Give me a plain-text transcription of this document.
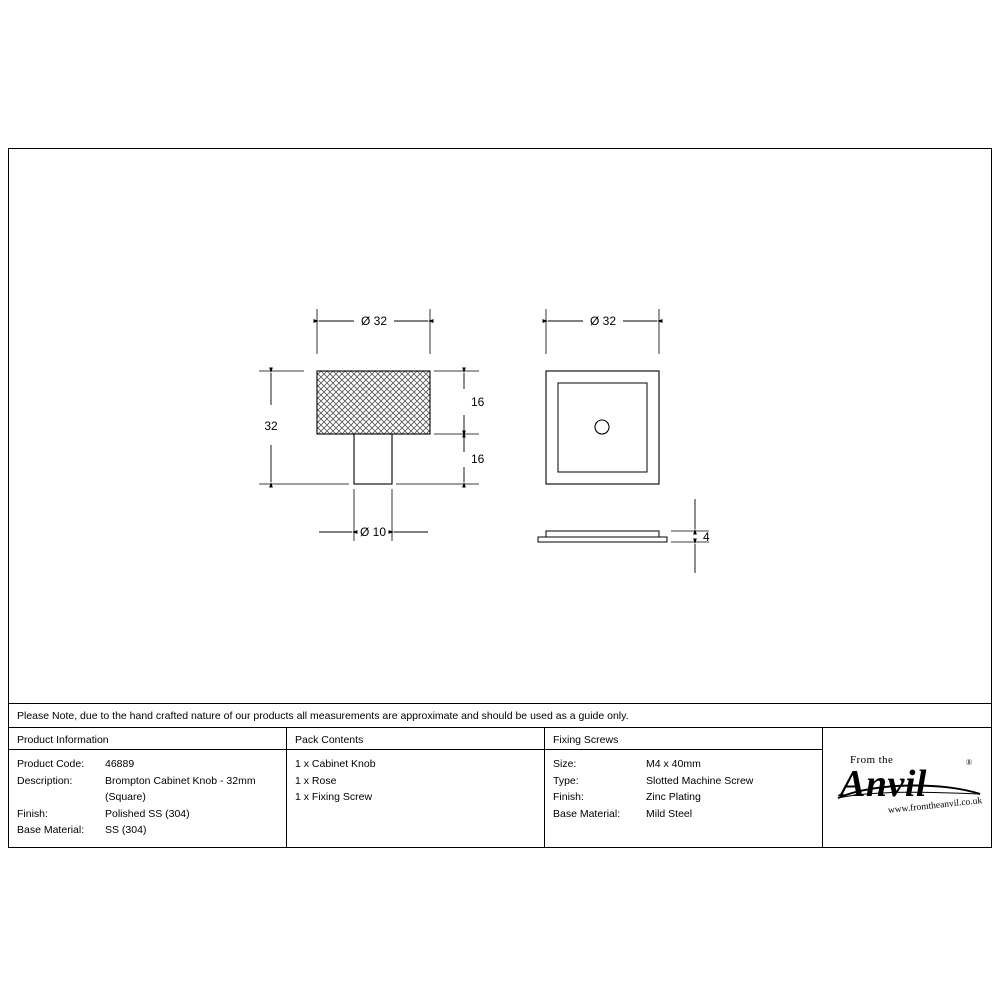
Ø 32
32
16
16
Ø 10
Ø 32
4
Please Note, due to the hand crafted nature of our products all measurements are approximate and should be used as a guide only.
Product Information
Product Code:	46889
Description:	Brompton Cabinet Knob - 32mm
(Square)
Finish:	Polished SS (304)
Base Material:	SS (304)
Pack Contents
1 x Cabinet Knob
1 x Rose
1 x Fixing Screw
Fixing Screws
Size:	M4 x 40mm
Type:	Slotted Machine Screw
Finish:	Zinc Plating
Base Material:	Mild Steel
From the
Anvil
®
www.fromtheanvil.co.uk
